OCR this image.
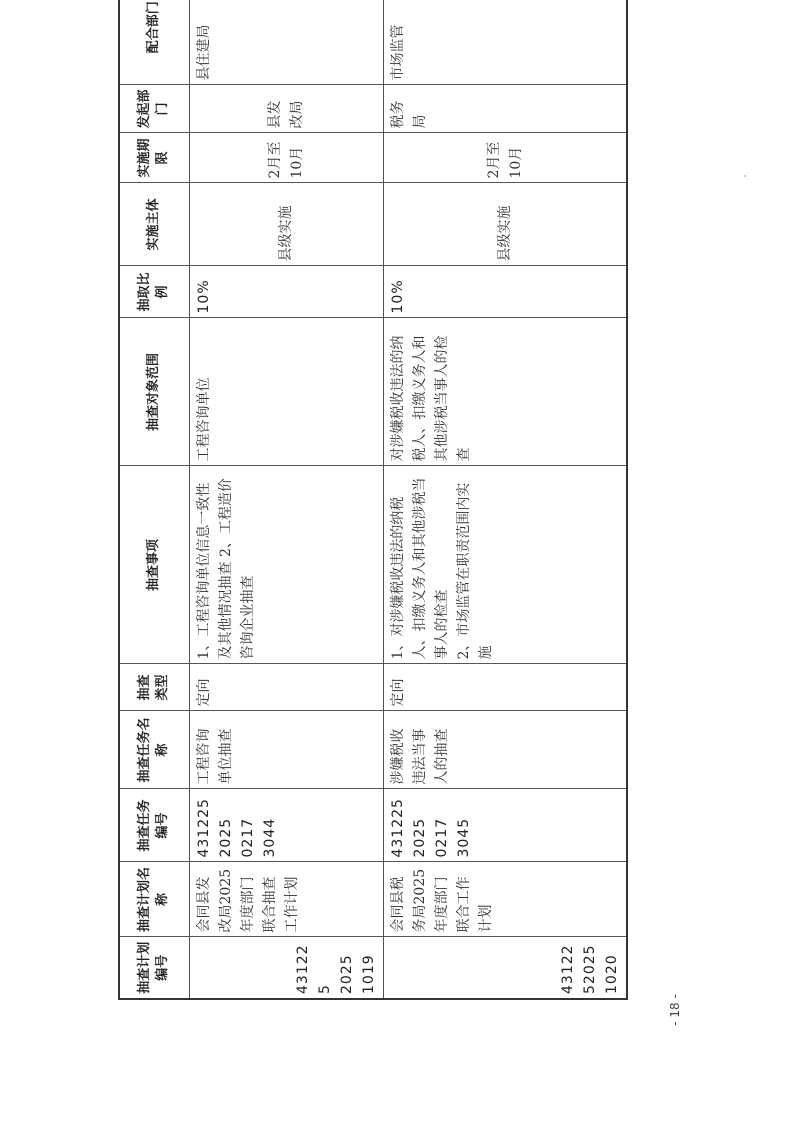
抽查计划编号	抽查计划名称	抽查任务编号	抽查任务名称	抽查类型	抽查事项	抽查对象范围	抽取比例	实施主体	实施期限	发起部门	配合部门

43122
5
2025
1019	会同县发改局2025年度部门联合抽查工作计划	431225
2025
0217
3044	工程咨询单位抽查	定向	1、工程咨询单位信息一致性及其他情况抽查 2、工程造价咨询企业抽查	工程咨询单位	10%	县级实施	2月至10月	县发改局	县住建局

43122
52025
1020	会同县税务局2025年度部门联合工作计划	431225
2025
0217
3045	涉嫌税收违法当事人的抽查	定向	1、对涉嫌税收违法的纳税人、扣缴义务人和其他涉税当事人的检查
2、市场监管在职责范围内实施	对涉嫌税收违法的纳税人、扣缴义务人和其他涉税当事人的检查	10%	县级实施	2月至10月	税务局	市场监管
- 18 -
